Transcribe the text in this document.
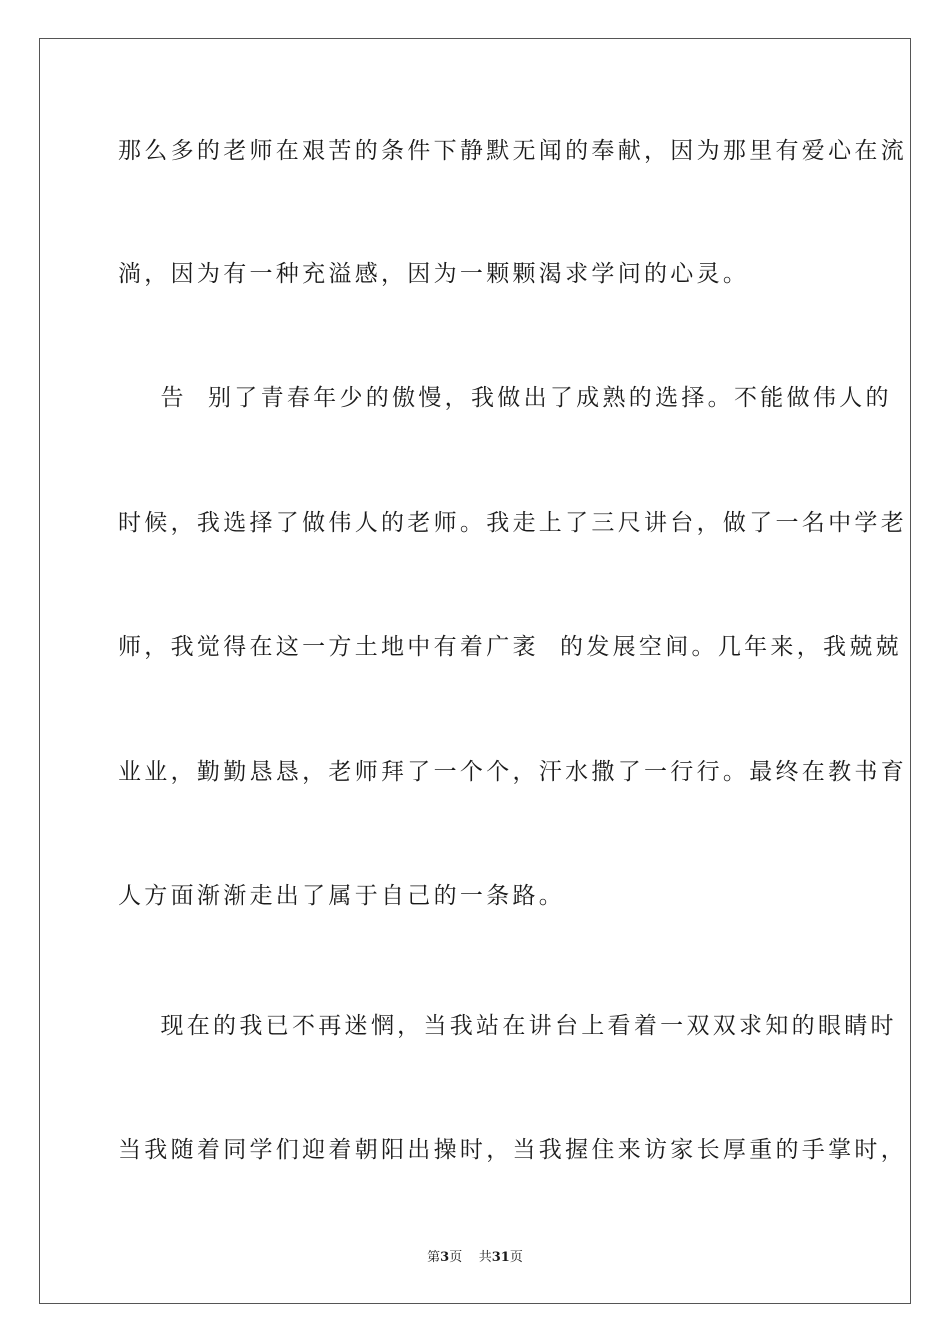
那么多的老师在艰苦的条件下静默无闻的奉献，因为那里有爱心在流
淌，因为有一种充溢感，因为一颗颗渴求学问的心灵。
告  别了青春年少的傲慢，我做出了成熟的选择。不能做伟人的
时候，我选择了做伟人的老师。我走上了三尺讲台，做了一名中学老
师，我觉得在这一方土地中有着广袤  的发展空间。几年来，我兢兢
业业，勤勤恳恳，老师拜了一个个，汗水撒了一行行。最终在教书育
人方面渐渐走出了属于自己的一条路。
现在的我已不再迷惘，当我站在讲台上看着一双双求知的眼睛时
当我随着同学们迎着朝阳出操时，当我握住来访家长厚重的手掌时，
第3页    共31页
